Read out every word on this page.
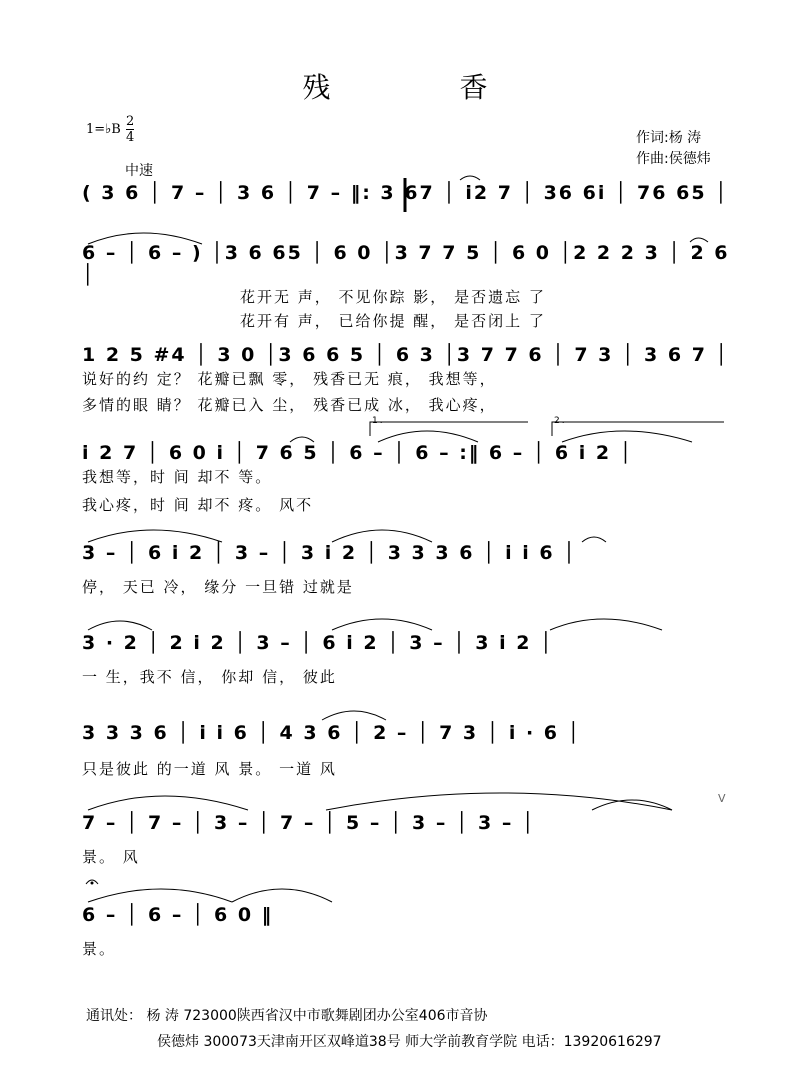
残 香
1=♭B
2
4	作词:杨 涛
作曲:侯德炜
中速
( 3 6 │ 7 – │ 3 6 │ 7 – ‖: 3 67 │ i2 7 │ 36 6i │ 76 65 │
6 – │ 6 – ) │3 6 65 │ 6 0 │3 7 7 5 │ 6 0 │2 2 2 3 │ 2 6 │
花开无 声， 不见你踪 影， 是否遗忘 了
花开有 声， 已给你提 醒， 是否闭上 了
1 2 5 #4 │ 3 0 │3 6 6 5 │ 6 3 │3 7 7 6 │ 7 3 │ 3 6 7 │
说好的约 定？ 花瓣已飘 零， 残香已无 痕， 我想等，
多情的眼 睛？ 花瓣已入 尘， 残香已成 冰， 我心疼，
1.	2.
i 2 7 │ 6 0 i │ 7 6 5 │ 6 – │ 6 – :‖ 6 – │ 6 i 2 │
我想等，时 间 却不 等。
我心疼，时 间 却不 疼。 风不
3 – │ 6 i 2 │ 3 – │ 3 i 2 │ 3 3 3 6 │ i i 6 │
停， 天已 冷， 缘分 一旦错 过就是
3 · 2 │ 2 i 2 │ 3 – │ 6 i 2 │ 3 – │ 3 i 2 │
一 生，我不 信， 你却 信， 彼此
3 3 3 6 │ i i 6 │ 4 3 6 │ 2 – │ 7 3 │ i · 6 │
只是彼此 的一道 风 景。 一道 风
V
7 – │ 7 – │ 3 – │ 7 – │ 5 – │ 3 – │ 3 – │
景。 风
6 – │ 6 – │ 6 0 ‖
景。
通讯处： 杨 涛 723000陕西省汉中市歌舞剧团办公室406市音协
侯德炜 300073天津南开区双峰道38号 师大学前教育学院 电话：13920616297
